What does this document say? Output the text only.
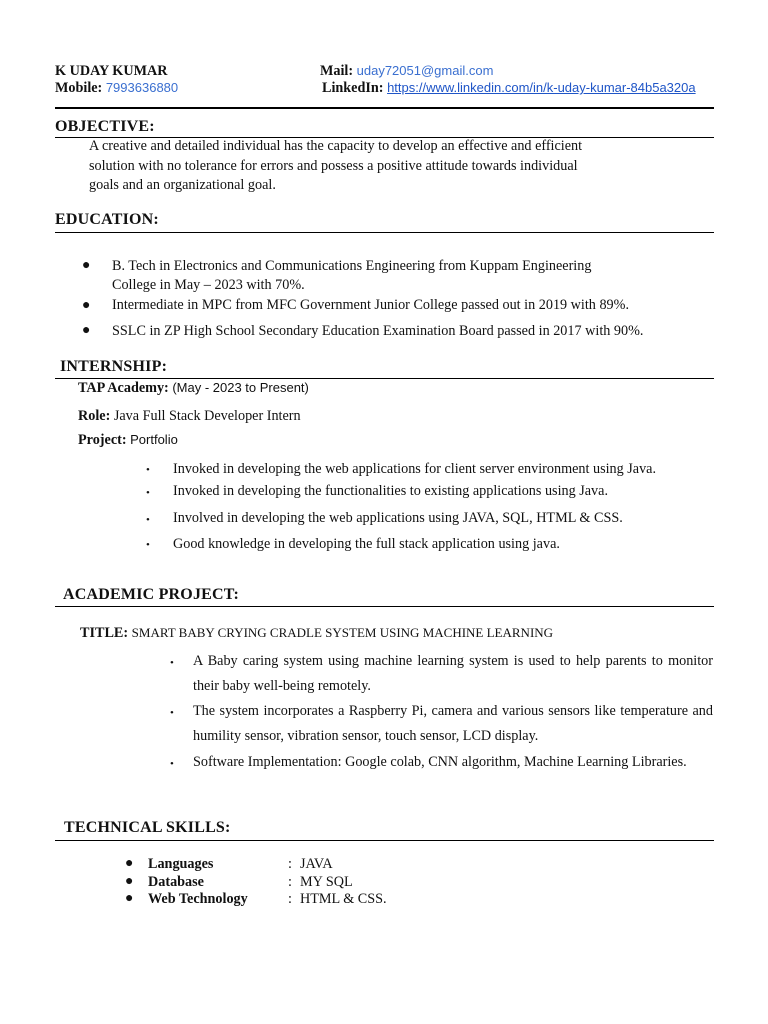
K UDAY KUMAR
Mobile: 7993636880
Mail: uday72051@gmail.com
LinkedIn: https://www.linkedin.com/in/k-uday-kumar-84b5a320a
OBJECTIVE:
A creative and detailed individual has the capacity to develop an effective and efficient
solution with no tolerance for errors and possess a positive attitude towards individual
goals and an organizational goal.
EDUCATION:
● B. Tech in Electronics and Communications Engineering from Kuppam Engineering
College in May – 2023 with 70%.
● Intermediate in MPC from MFC Government Junior College passed out in 2019 with 89%.
● SSLC in ZP High School Secondary Education Examination Board passed in 2017 with 90%.
INTERNSHIP:
TAP Academy: (May - 2023 to Present)
Role: Java Full Stack Developer Intern
Project: Portfolio
• Invoked in developing the web applications for client server environment using Java.
• Invoked in developing the functionalities to existing applications using Java.
• Involved in developing the web applications using JAVA, SQL, HTML & CSS.
• Good knowledge in developing the full stack application using java.
ACADEMIC PROJECT:
TITLE: SMART BABY CRYING CRADLE SYSTEM USING MACHINE LEARNING
• A Baby caring system using machine learning system is used to help parents to monitor their baby well-being remotely.
• The system incorporates a Raspberry Pi, camera and various sensors like temperature and humility sensor, vibration sensor, touch sensor, LCD display.
• Software Implementation: Google colab, CNN algorithm, Machine Learning Libraries.
TECHNICAL SKILLS:
● Languages	: JAVA
● Database	: MY SQL
● Web Technology	: HTML & CSS.
